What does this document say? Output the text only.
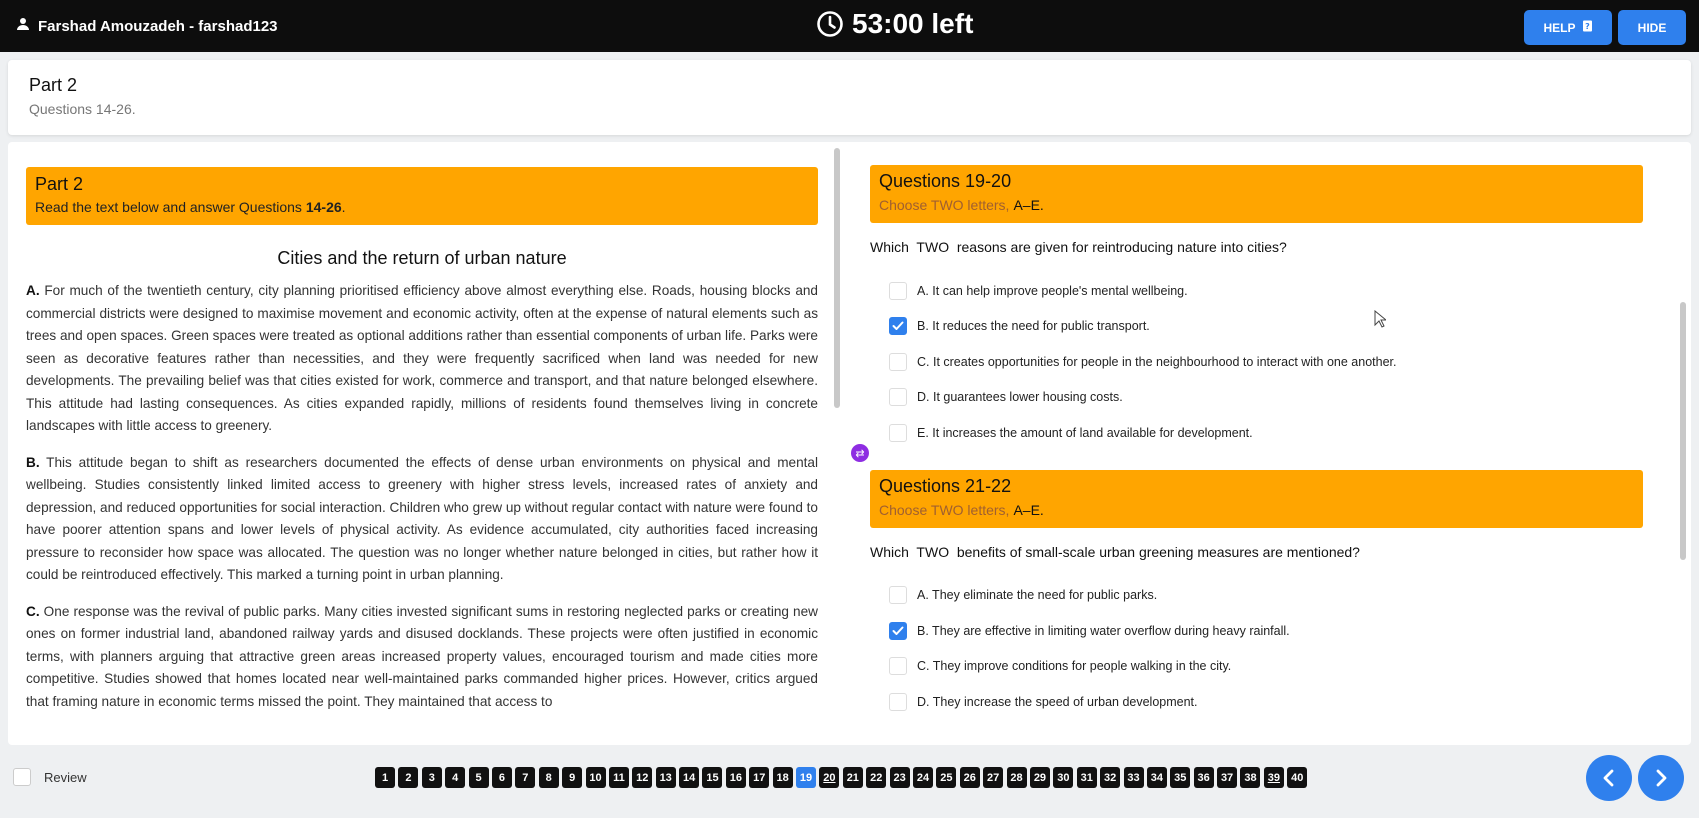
Farshad Amouzadeh - farshad123	53:00 left	HELP ?	HIDE
Part 2
Questions 14-26.
Part 2
Read the text below and answer Questions 14-26.
Cities and the return of urban nature
A. For much of the twentieth century, city planning prioritised efficiency above almost everything else. Roads, housing blocks and commercial districts were designed to maximise movement and economic activity, often at the expense of natural elements such as trees and open spaces. Green spaces were treated as optional additions rather than essential components of urban life. Parks were seen as decorative features rather than necessities, and they were frequently sacrificed when land was needed for new developments. The prevailing belief was that cities existed for work, commerce and transport, and that nature belonged elsewhere. This attitude had lasting consequences. As cities expanded rapidly, millions of residents found themselves living in concrete landscapes with little access to greenery.
B. This attitude began to shift as researchers documented the effects of dense urban environments on physical and mental wellbeing. Studies consistently linked limited access to greenery with higher stress levels, increased rates of anxiety and depression, and reduced opportunities for social interaction. Children who grew up without regular contact with nature were found to have poorer attention spans and lower levels of physical activity. As evidence accumulated, city authorities faced increasing pressure to reconsider how space was allocated. The question was no longer whether nature belonged in cities, but rather how it could be reintroduced effectively. This marked a turning point in urban planning.
C. One response was the revival of public parks. Many cities invested significant sums in restoring neglected parks or creating new ones on former industrial land, abandoned railway yards and disused docklands. These projects were often justified in economic terms, with planners arguing that attractive green areas increased property values, encouraged tourism and made cities more competitive. Studies showed that homes located near well-maintained parks commanded higher prices. However, critics argued that framing nature in economic terms missed the point. They maintained that access to
⇄
Questions 19-20
Choose TWO letters, A–E.
Which  TWO  reasons are given for reintroducing nature into cities?
A. It can help improve people's mental wellbeing.
B. It reduces the need for public transport.
C. It creates opportunities for people in the neighbourhood to interact with one another.
D. It guarantees lower housing costs.
E. It increases the amount of land available for development.
Questions 21-22
Choose TWO letters, A–E.
Which  TWO  benefits of small-scale urban greening measures are mentioned?
A. They eliminate the need for public parks.
B. They are effective in limiting water overflow during heavy rainfall.
C. They improve conditions for people walking in the city.
D. They increase the speed of urban development.
Review	1	2	3	4	5	6	7	8	9	10	11	12	13	14	15	16	17	18	19	20	21	22	23	24	25	26	27	28	29	30	31	32	33	34	35	36	37	38	39	40
